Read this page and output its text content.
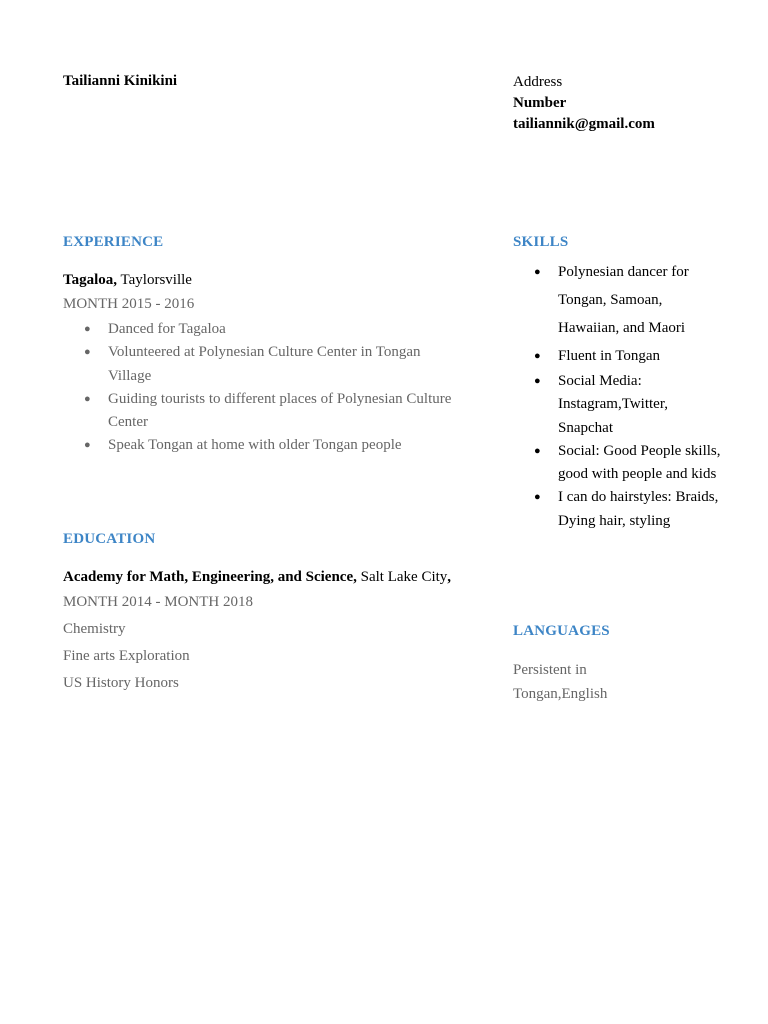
Tailianni Kinikini	Address
Number
tailiannik@gmail.com
EXPERIENCE
Tagaloa, Taylorsville
MONTH 2015 - 2016
● Danced for Tagaloa
● Volunteered at Polynesian Culture Center in Tongan Village
● Guiding tourists to different places of Polynesian Culture Center
● Speak Tongan at home with older Tongan people
EDUCATION
Academy for Math, Engineering, and Science, Salt Lake City,
MONTH 2014 - MONTH 2018
Chemistry
Fine arts Exploration
US History Honors
SKILLS
● Polynesian dancer for Tongan, Samoan, Hawaiian, and Maori
● Fluent in Tongan
● Social Media: Instagram,Twitter, Snapchat
● Social: Good People skills, good with people and kids
● I can do hairstyles: Braids, Dying hair, styling
LANGUAGES
Persistent in Tongan,English
